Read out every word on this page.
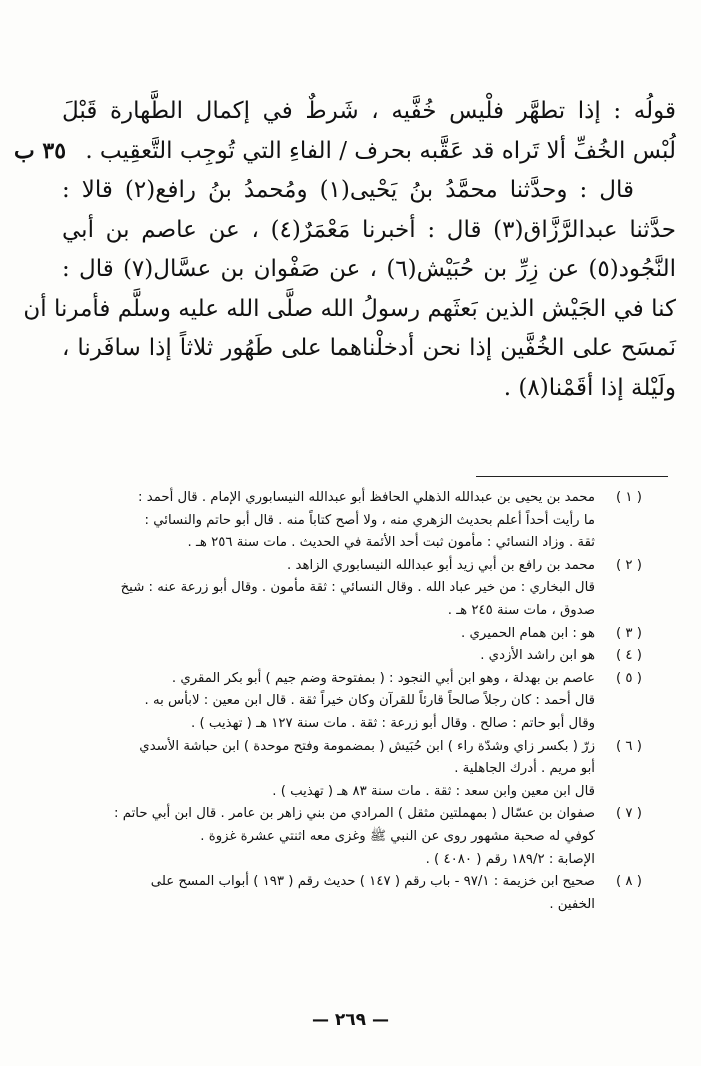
قولُه : إذا تطهَّر فلْيس خُفَّيه ، شَرطٌ في إكمال الطَّهارة قَبْلَ
لُبْس الخُفِّ ألا تَراه قد عَقَّبه بحرف / الفاءِ التي تُوجِب التَّعقِيب .
٣٥ ب
قال : وحدَّثنا محمَّدُ بنُ يَحْيى(١) ومُحمدُ بنُ رافع(٢) قالا :
حدَّثنا عبدالرَّزَّاق(٣) قال : أخبرنا مَعْمَرٌ(٤) ، عن عاصم بن أبي
النَّجُود(٥) عن زِرِّ بن حُبَيْش(٦) ، عن صَفْوان بن عسَّال(٧) قال :
كنا في الجَيْش الذين بَعثَهم رسولُ الله صلَّى الله عليه وسلَّم فأمرنا أن
نَمسَح على الخُفَّين إذا نحن أدخلْناهما على طَهُور ثلاثاً إذا سافَرنا ،
ولَيْلة إذا أقَمْنا(٨) .
( ١ )
محمد بن يحيى بن عبدالله الذهلي الحافظ أبو عبدالله النيسابوري الإمام . قال أحمد :
ما رأيت أحداً أعلم بحديث الزهري منه ، ولا أصح كتاباً منه . قال أبو حاتم والنسائي :
ثقة . وزاد النسائي : مأمون ثبت أحد الأئمة في الحديث . مات سنة ٢٥٦ هـ .
( ٢ )
محمد بن رافع بن أبي زيد أبو عبدالله النيسابوري الزاهد .
قال البخاري : من خير عباد الله . وقال النسائي : ثقة مأمون . وقال أبو زرعة عنه : شيخ
صدوق ، مات سنة ٢٤٥ هـ .
( ٣ )
هو : ابن همام الحميري .
( ٤ )
هو ابن راشد الأزدي .
( ٥ )
عاصم بن بهدلة ، وهو ابن أبي النجود : ( بمفتوحة وضم جيم ) أبو بكر المقري .
قال أحمد : كان رجلاً صالحاً قارئاً للقرآن وكان خيراً ثقة . قال ابن معين : لابأس به .
وقال أبو حاتم : صالح . وقال أبو زرعة : ثقة . مات سنة ١٢٧ هـ ( تهذيب ) .
( ٦ )
زرّ ( بكسر زاي وشدّة راء ) ابن حُبَيش ( بمضمومة وفتح موحدة ) ابن حباشة الأسدي
أبو مريم . أدرك الجاهلية .
قال ابن معين وابن سعد : ثقة . مات سنة ٨٣ هـ ( تهذيب ) .
( ٧ )
صفوان بن عسّال ( بمهملتين مثقل ) المرادي من بني زاهر بن عامر . قال ابن أبي حاتم :
كوفي له صحبة مشهور روى عن النبي ﷺ وغزى معه اثنتي عشرة غزوة .
الإصابة : ١٨٩/٢ رقم ( ٤٠٨٠ ) .
( ٨ )
صحيح ابن خزيمة : ٩٧/١ - باب رقم ( ١٤٧ ) حديث رقم ( ١٩٣ ) أبواب المسح على
الخفين .
— ٢٦٩ —
